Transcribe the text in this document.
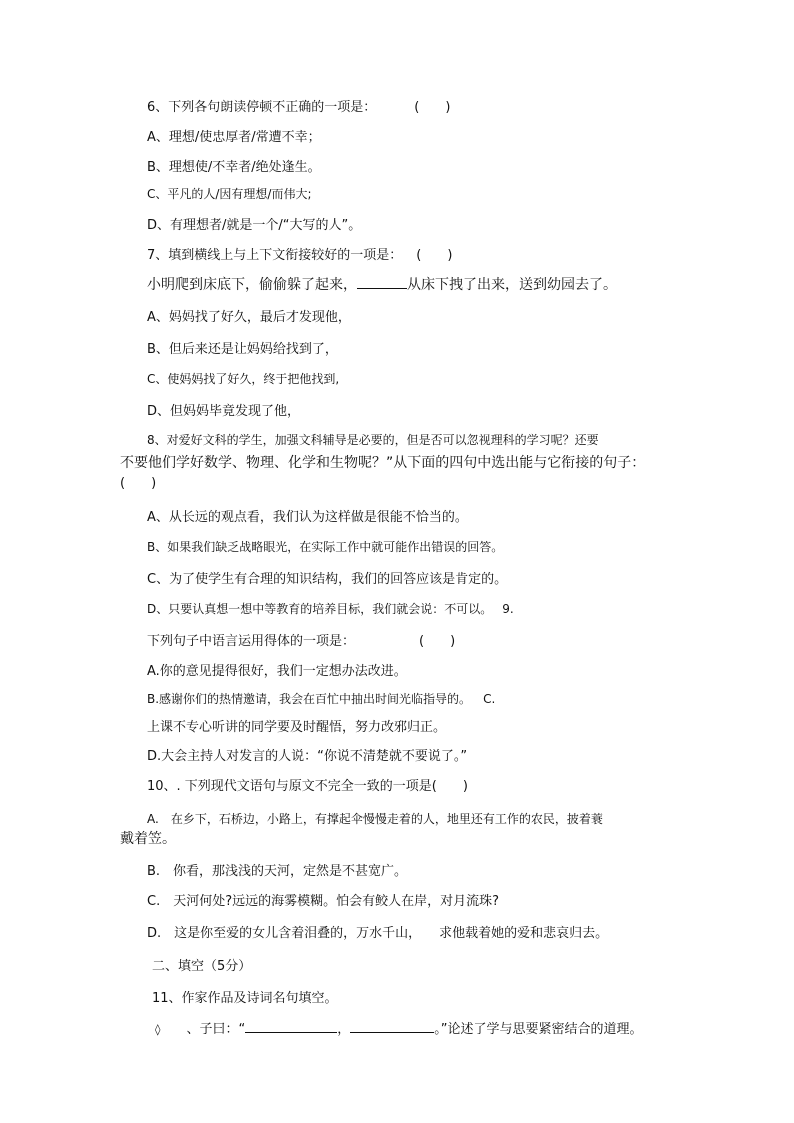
6、下列各句朗读停顿不正确的一项是：	(　　)
A、理想/使忠厚者/常遭不幸；
B、理想使/不幸者/绝处逢生。
C、平凡的人/因有理想/而伟大;
D、有理想者/就是一个/“大写的人”。
7、填到横线上与上下文衔接较好的一项是： (　　)
小明爬到床底下，偷偷躲了起来，	从床下拽了出来，送到幼园去了。
A、妈妈找了好久，最后才发现他，
B、但后来还是让妈妈给找到了，
C、使妈妈找了好久，终于把他找到,
D、但妈妈毕竟发现了他，
8、对爱好文科的学生，加强文科辅导是必要的，但是否可以忽视理科的学习呢？还要
不要他们学好数学、物理、化学和生物呢？”从下面的四句中选出能与它衔接的句子：
(　　)
A、从长远的观点看，我们认为这样做是很能不恰当的。
B、如果我们缺乏战略眼光，在实际工作中就可能作出错误的回答。
C、为了使学生有合理的知识结构，我们的回答应该是肯定的。
D、只要认真想一想中等教育的培养目标，我们就会说：不可以。 9.
下列句子中语言运用得体的一项是：	(　　)
A.你的意见提得很好，我们一定想办法改进。
B.感谢你们的热情邀请，我会在百忙中抽出时间光临指导的。 C.
上课不专心听讲的同学要及时醒悟，努力改邪归正。
D.大会主持人对发言的人说：“你说不清楚就不要说了。”
10、. 下列现代文语句与原文不完全一致的一项是(　　)
A.　在乡下，石桥边，小路上，有撑起伞慢慢走着的人，地里还有工作的农民，披着蓑
戴着笠。
B.　你看，那浅浅的天河，定然是不甚宽广。
C.　天河何处?远远的海雾模糊。怕会有鲛人在岸，对月流珠?
D.　这是你至爱的女儿含着泪叠的，万水千山， 求他载着她的爱和悲哀归去。
二、填空（5分）
11、作家作品及诗词名句填空。
◊ 、子曰：“	，	。”论述了学与思要紧密结合的道理。
